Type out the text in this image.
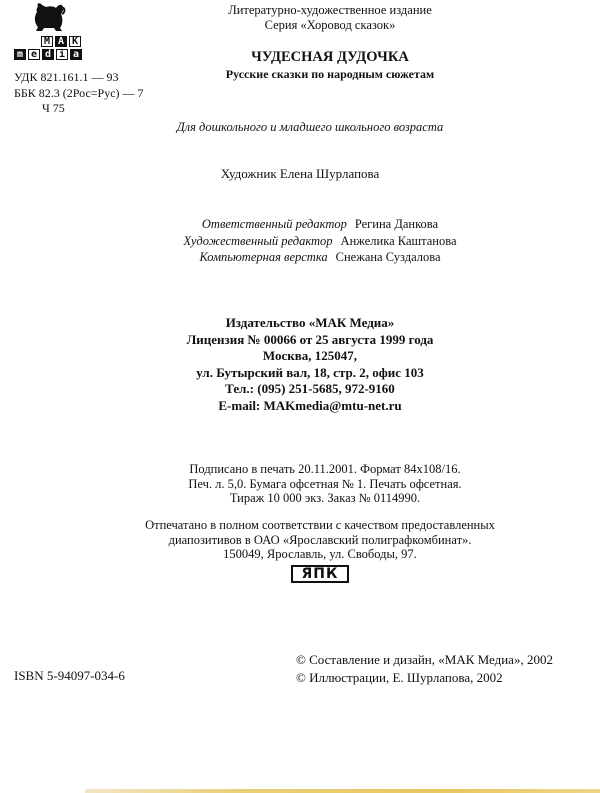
M A K
m e d i a
УДК 821.161.1 — 93
ББК 82.3 (2Рос=Рус) — 7
Ч 75
Литературно-художественное издание
Серия «Хоровод сказок»
ЧУДЕСНАЯ ДУДОЧКА
Русские сказки по народным сюжетам
Для дошкольного и младшего школьного возраста
Художник Елена Шурлапова
Ответственный редактор Регина Данкова
Художественный редактор Анжелика Каштанова
Компьютерная верстка Снежана Суздалова
Издательство «МАК Медиа»
Лицензия № 00066 от 25 августа 1999 года
Москва, 125047,
ул. Бутырский вал, 18, стр. 2, офис 103
Тел.: (095) 251-5685, 972-9160
E-mail: MAKmedia@mtu-net.ru
Подписано в печать 20.11.2001. Формат 84x108/16.
Печ. л. 5,0. Бумага офсетная № 1. Печать офсетная.
Тираж 10 000 экз. Заказ № 0114990.
Отпечатано в полном соответствии с качеством предоставленных
диапозитивов в ОАО «Ярославский полиграфкомбинат».
150049, Ярославль, ул. Свободы, 97.
ЯПК
© Составление и дизайн, «МАК Медиа», 2002
© Иллюстрации, Е. Шурлапова, 2002
ISBN 5-94097-034-6
